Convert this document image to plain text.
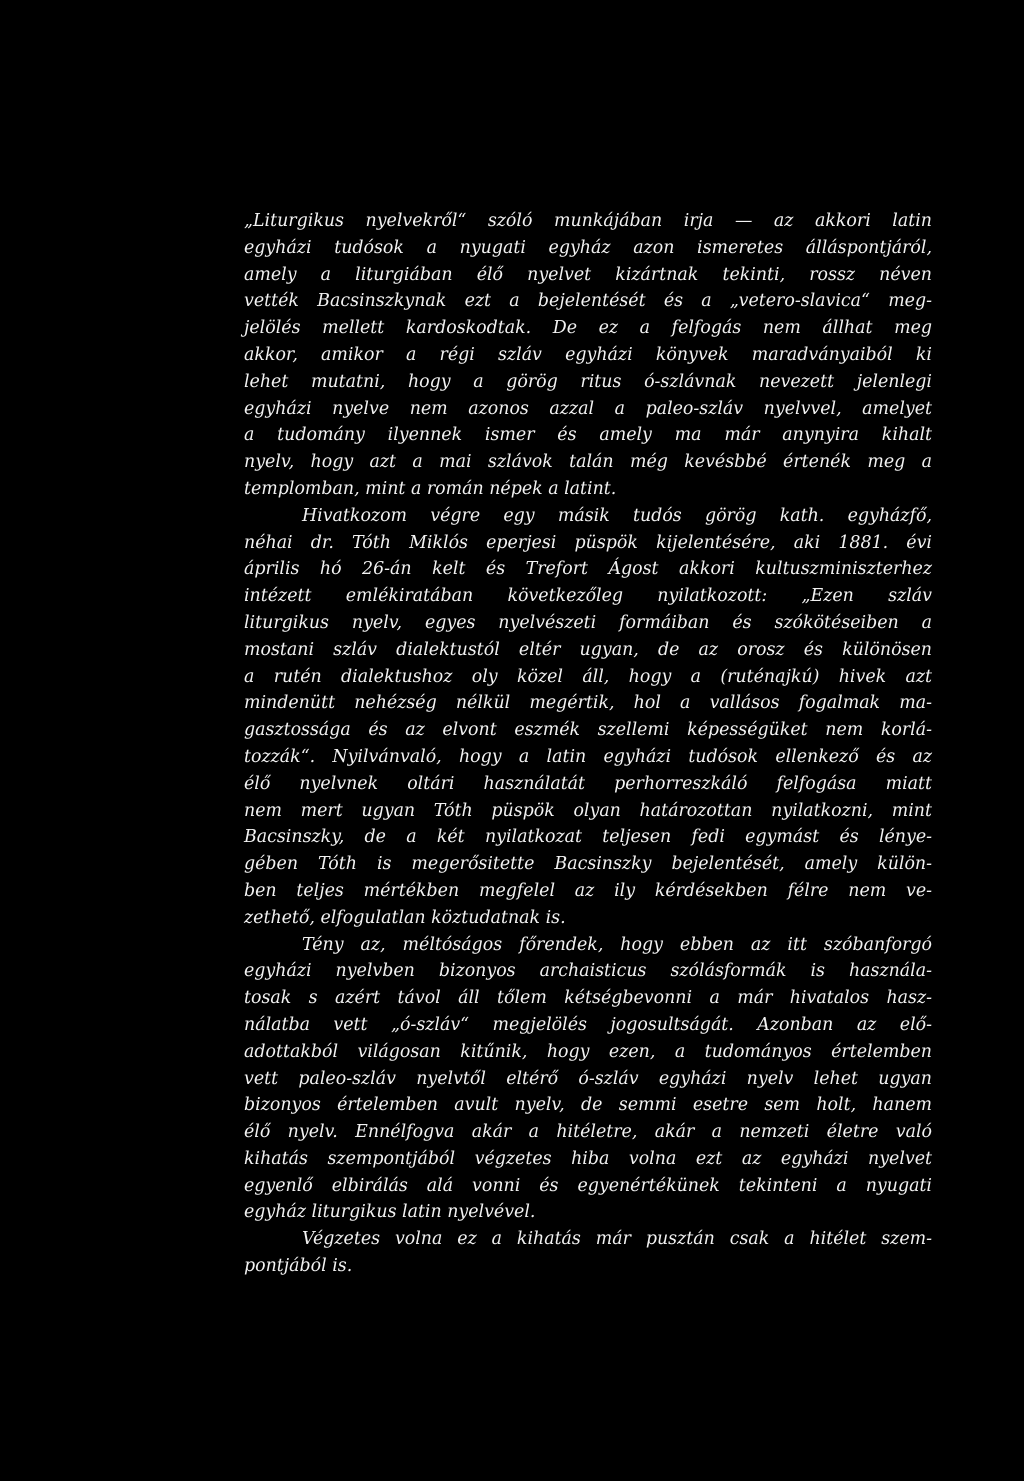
„Liturgikus nyelvekről“ szóló munkájában irja — az akkori latin
egyházi tudósok a nyugati egyház azon ismeretes álláspontjáról,
amely a liturgiában élő nyelvet kizártnak tekinti, rossz néven
vették Bacsinszkynak ezt a bejelentését és a „vetero-slavica“ meg-
jelölés mellett kardoskodtak. De ez a felfogás nem állhat meg
akkor, amikor a régi szláv egyházi könyvek maradványaiból ki
lehet mutatni, hogy a görög ritus ó-szlávnak nevezett jelenlegi
egyházi nyelve nem azonos azzal a paleo-szláv nyelvvel, amelyet
a tudomány ilyennek ismer és amely ma már anynyira kihalt
nyelv, hogy azt a mai szlávok talán még kevésbbé értenék meg a
templomban, mint a román népek a latint.
Hivatkozom végre egy másik tudós görög kath. egyházfő,
néhai dr. Tóth Miklós eperjesi püspök kijelentésére, aki 1881. évi
április hó 26-án kelt és Trefort Ágost akkori kultuszminiszterhez
intézett emlékiratában következőleg nyilatkozott: „Ezen szláv
liturgikus nyelv, egyes nyelvészeti formáiban és szókötéseiben a
mostani szláv dialektustól eltér ugyan, de az orosz és különösen
a rutén dialektushoz oly közel áll, hogy a (ruténajkú) hivek azt
mindenütt nehézség nélkül megértik, hol a vallásos fogalmak ma-
gasztossága és az elvont eszmék szellemi képességüket nem korlá-
tozzák“. Nyilvánvaló, hogy a latin egyházi tudósok ellenkező és az
élő nyelvnek oltári használatát perhorreszkáló felfogása miatt
nem mert ugyan Tóth püspök olyan határozottan nyilatkozni, mint
Bacsinszky, de a két nyilatkozat teljesen fedi egymást és lénye-
gében Tóth is megerősitette Bacsinszky bejelentését, amely külön-
ben teljes mértékben megfelel az ily kérdésekben félre nem ve-
zethető, elfogulatlan köztudatnak is.
Tény az, méltóságos főrendek, hogy ebben az itt szóbanforgó
egyházi nyelvben bizonyos archaisticus szólásformák is használa-
tosak s azért távol áll tőlem kétségbevonni a már hivatalos hasz-
nálatba vett „ó-szláv“ megjelölés jogosultságát. Azonban az elő-
adottakból világosan kitűnik, hogy ezen, a tudományos értelemben
vett paleo-szláv nyelvtől eltérő ó-szláv egyházi nyelv lehet ugyan
bizonyos értelemben avult nyelv, de semmi esetre sem holt, hanem
élő nyelv. Ennélfogva akár a hitéletre, akár a nemzeti életre való
kihatás szempontjából végzetes hiba volna ezt az egyházi nyelvet
egyenlő elbirálás alá vonni és egyenértékünek tekinteni a nyugati
egyház liturgikus latin nyelvével.
Végzetes volna ez a kihatás már pusztán csak a hitélet szem-
pontjából is.
